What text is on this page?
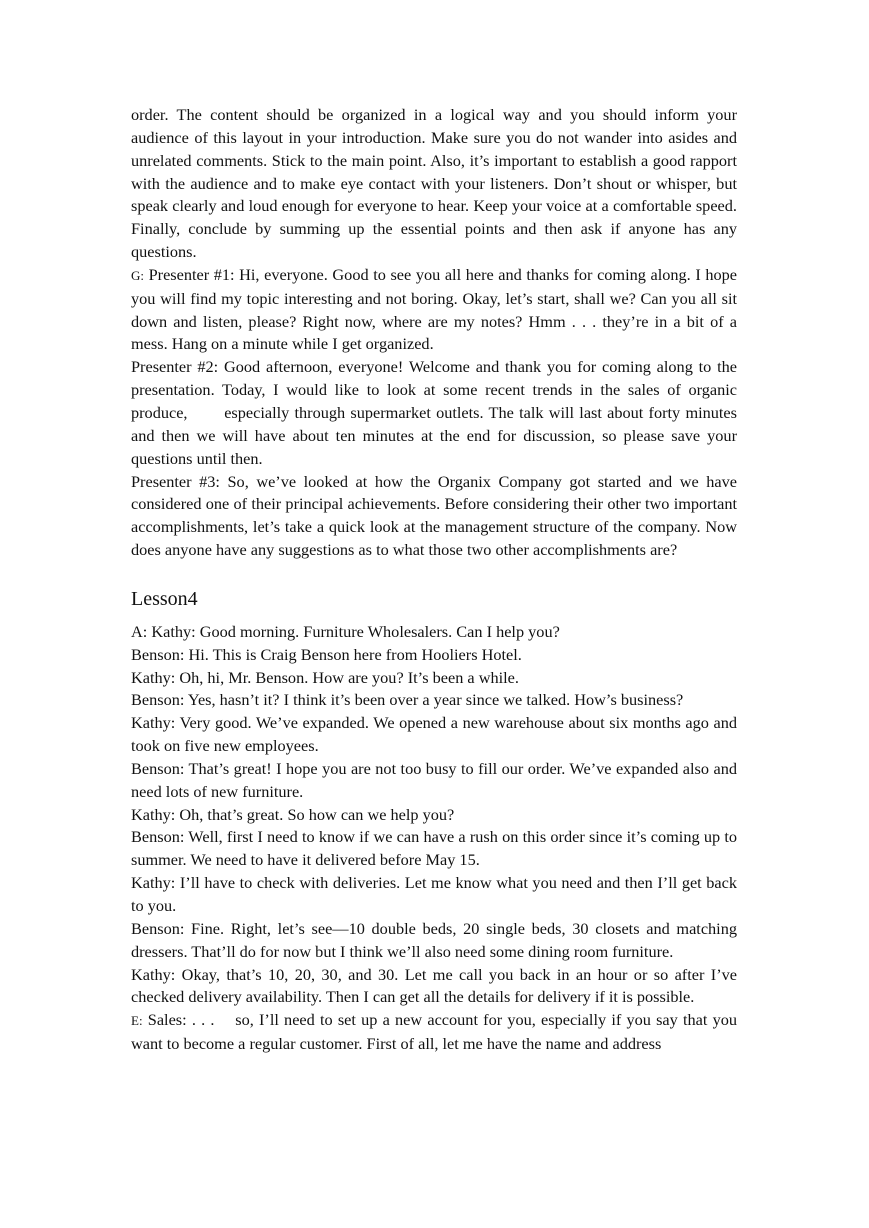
order. The content should be organized in a logical way and you should inform your audience of this layout in your introduction. Make sure you do not wander into asides and unrelated comments. Stick to the main point. Also, it’s important to establish a good rapport with the audience and to make eye contact with your listeners. Don’t shout or whisper, but speak clearly and loud enough for everyone to hear. Keep your voice at a comfortable speed. Finally, conclude by summing up the essential points and then ask if anyone has any questions.

G: Presenter #1: Hi, everyone. Good to see you all here and thanks for coming along. I hope you will find my topic interesting and not boring. Okay, let’s start, shall we? Can you all sit down and listen, please? Right now, where are my notes? Hmm . . . they’re in a bit of a mess. Hang on a minute while I get organized.

Presenter #2: Good afternoon, everyone! Welcome and thank you for coming along to the presentation. Today, I would like to look at some recent trends in the sales of organic produce, especially through supermarket outlets. The talk will last about forty minutes and then we will have about ten minutes at the end for discussion, so please save your questions until then.

Presenter #3: So, we’ve looked at how the Organix Company got started and we have considered one of their principal achievements. Before considering their other two important accomplishments, let’s take a quick look at the management structure of the company. Now does anyone have any suggestions as to what those two other accomplishments are?

Lesson4

A: Kathy: Good morning. Furniture Wholesalers. Can I help you?

Benson: Hi. This is Craig Benson here from Hooliers Hotel.

Kathy: Oh, hi, Mr. Benson. How are you? It’s been a while.

Benson: Yes, hasn’t it? I think it’s been over a year since we talked. How’s business?

Kathy: Very good. We’ve expanded. We opened a new warehouse about six months ago and took on five new employees.

Benson: That’s great! I hope you are not too busy to fill our order. We’ve expanded also and need lots of new furniture.

Kathy: Oh, that’s great. So how can we help you?

Benson: Well, first I need to know if we can have a rush on this order since it’s coming up to summer. We need to have it delivered before May 15.

Kathy: I’ll have to check with deliveries. Let me know what you need and then I’ll get back to you.

Benson: Fine. Right, let’s see—10 double beds, 20 single beds, 30 closets and matching dressers. That’ll do for now but I think we’ll also need some dining room furniture.

Kathy: Okay, that’s 10, 20, 30, and 30. Let me call you back in an hour or so after I’ve checked delivery availability. Then I can get all the details for delivery if it is possible.

E: Sales: . . . so, I’ll need to set up a new account for you, especially if you say that you want to become a regular customer. First of all, let me have the name and address
